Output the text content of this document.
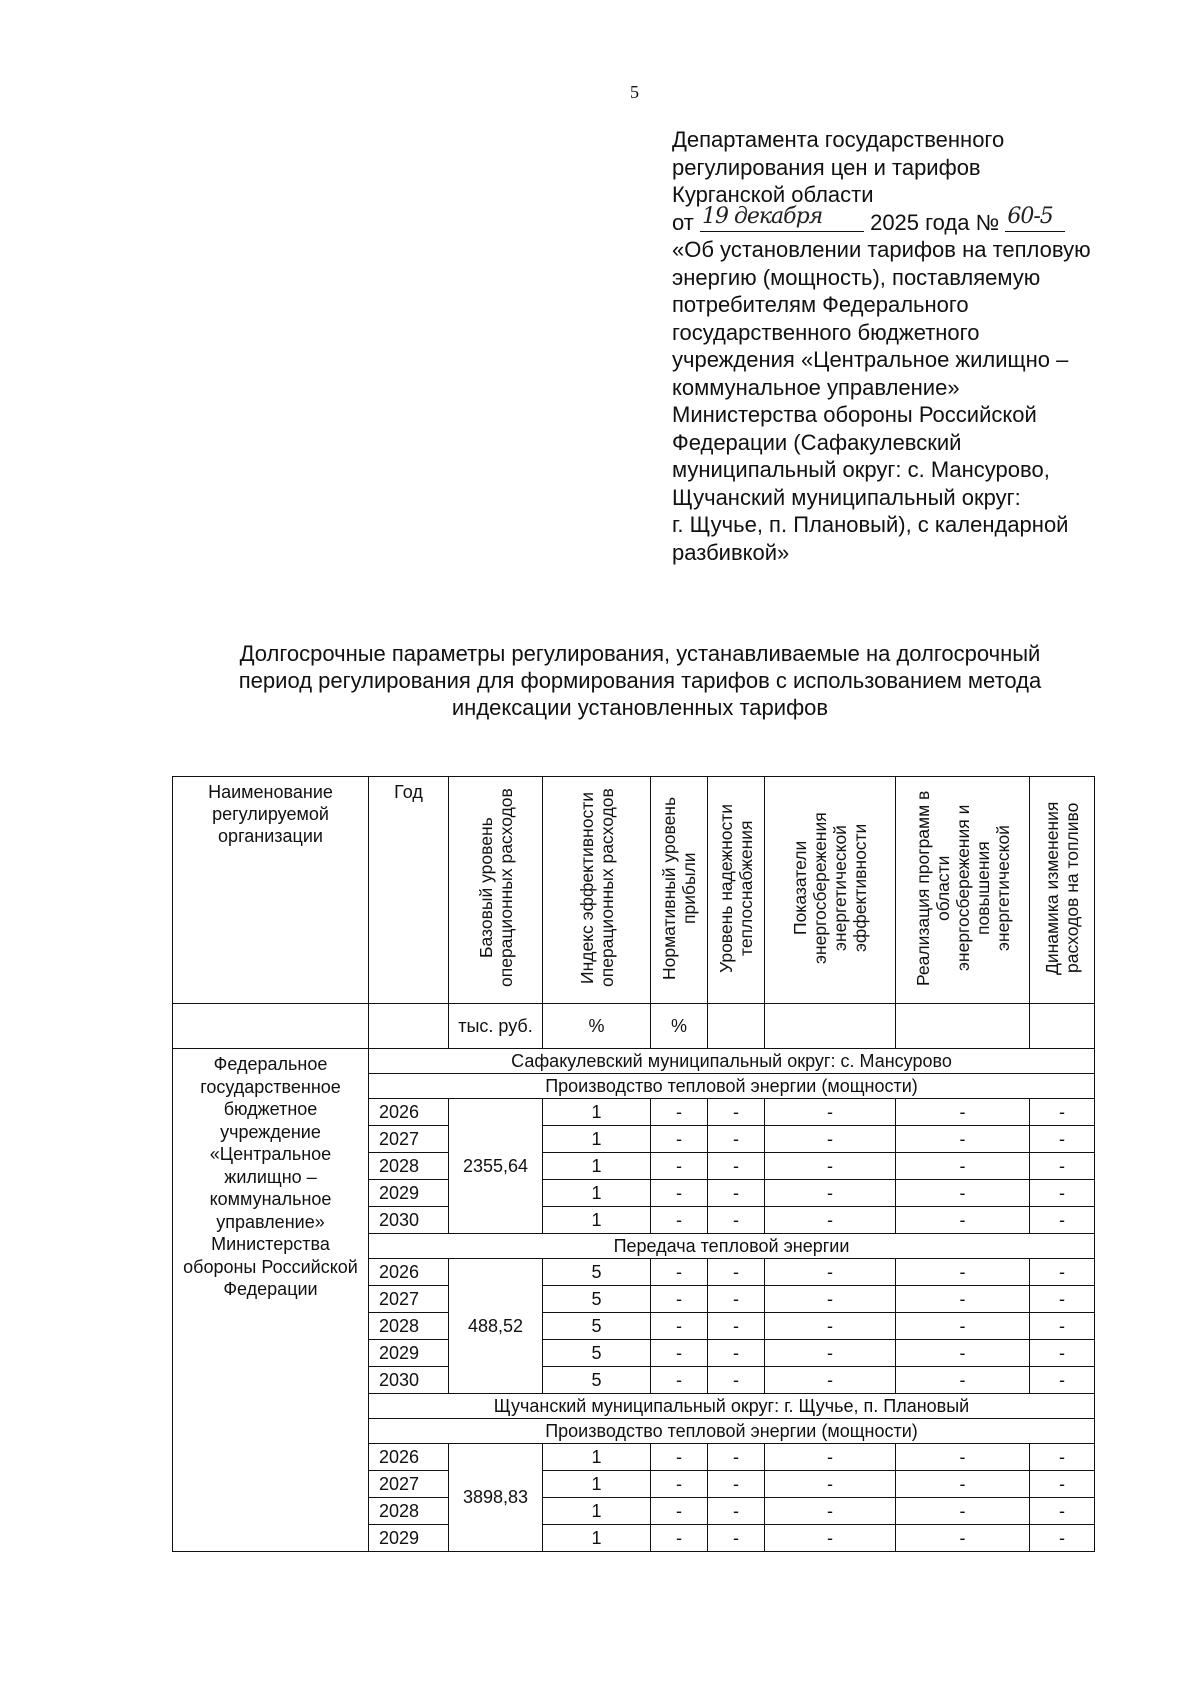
5
Департамента государственного
регулирования цен и тарифов
Курганской области
от 19 декабря 2025 года № 60-5
«Об установлении тарифов на тепловую
энергию (мощность), поставляемую
потребителям Федерального
государственного бюджетного
учреждения «Центральное жилищно –
коммунальное управление»
Министерства обороны Российской
Федерации (Сафакулевский
муниципальный округ: с. Мансурово,
Щучанский муниципальный округ:
г. Щучье, п. Плановый), с календарной
разбивкой»
Долгосрочные параметры регулирования, устанавливаемые на долгосрочный
период регулирования для формирования тарифов с использованием метода
индексации установленных тарифов
Наименование регулируемой организации	Год	Базовый уровень операционных расходов	Индекс эффективности операционных расходов	Нормативный уровень прибыли	Уровень надежности теплоснабжения	Показатели энергосбережения энергетической эффективности	Реализация программ в области энергосбережения и повышения энергетической	Динамика изменения расходов на топливо
		тыс. руб.	%	%				
Федеральное государственное бюджетное учреждение «Центральное жилищно – коммунальное управление» Министерства обороны Российской Федерации	Сафакулевский муниципальный округ: с. Мансурово							
	Производство тепловой энергии (мощности)							
	2026	2355,64	1	-	-	-	-	-
	2027		1	-	-	-	-	-
	2028		1	-	-	-	-	-
	2029		1	-	-	-	-	-
	2030		1	-	-	-	-	-
	Передача тепловой энергии							
	2026	488,52	5	-	-	-	-	-
	2027		5	-	-	-	-	-
	2028		5	-	-	-	-	-
	2029		5	-	-	-	-	-
	2030		5	-	-	-	-	-
	Щучанский муниципальный округ: г. Щучье, п. Плановый							
	Производство тепловой энергии (мощности)							
	2026	3898,83	1	-	-	-	-	-
	2027		1	-	-	-	-	-
	2028		1	-	-	-	-	-
	2029		1	-	-	-	-	-
